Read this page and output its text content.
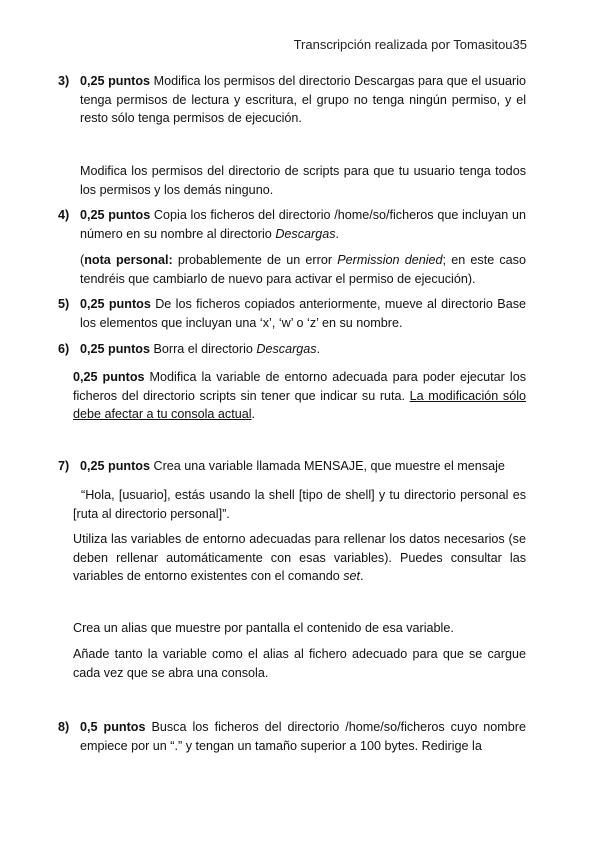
Transcripción realizada por Tomasitou35
3) 0,25 puntos Modifica los permisos del directorio Descargas para que el usuario tenga permisos de lectura y escritura, el grupo no tenga ningún permiso, y el resto sólo tenga permisos de ejecución.

Modifica los permisos del directorio de scripts para que tu usuario tenga todos los permisos y los demás ninguno.

4) 0,25 puntos Copia los ficheros del directorio /home/so/ficheros que incluyan un número en su nombre al directorio Descargas.

(nota personal: probablemente de un error Permission denied; en este caso tendréis que cambiarlo de nuevo para activar el permiso de ejecución).

5) 0,25 puntos De los ficheros copiados anteriormente, mueve al directorio Base los elementos que incluyan una ‘x’, ‘w’ o ‘z’ en su nombre.

6) 0,25 puntos Borra el directorio Descargas.

0,25 puntos Modifica la variable de entorno adecuada para poder ejecutar los ficheros del directorio scripts sin tener que indicar su ruta. La modificación sólo debe afectar a tu consola actual.

7) 0,25 puntos Crea una variable llamada MENSAJE, que muestre el mensaje

“Hola, [usuario], estás usando la shell [tipo de shell] y tu directorio personal es [ruta al directorio personal]”.

Utiliza las variables de entorno adecuadas para rellenar los datos necesarios (se deben rellenar automáticamente con esas variables). Puedes consultar las variables de entorno existentes con el comando set.

Crea un alias que muestre por pantalla el contenido de esa variable.

Añade tanto la variable como el alias al fichero adecuado para que se cargue cada vez que se abra una consola.

8) 0,5 puntos Busca los ficheros del directorio /home/so/ficheros cuyo nombre empiece por un “.” y tengan un tamaño superior a 100 bytes. Redirige la
